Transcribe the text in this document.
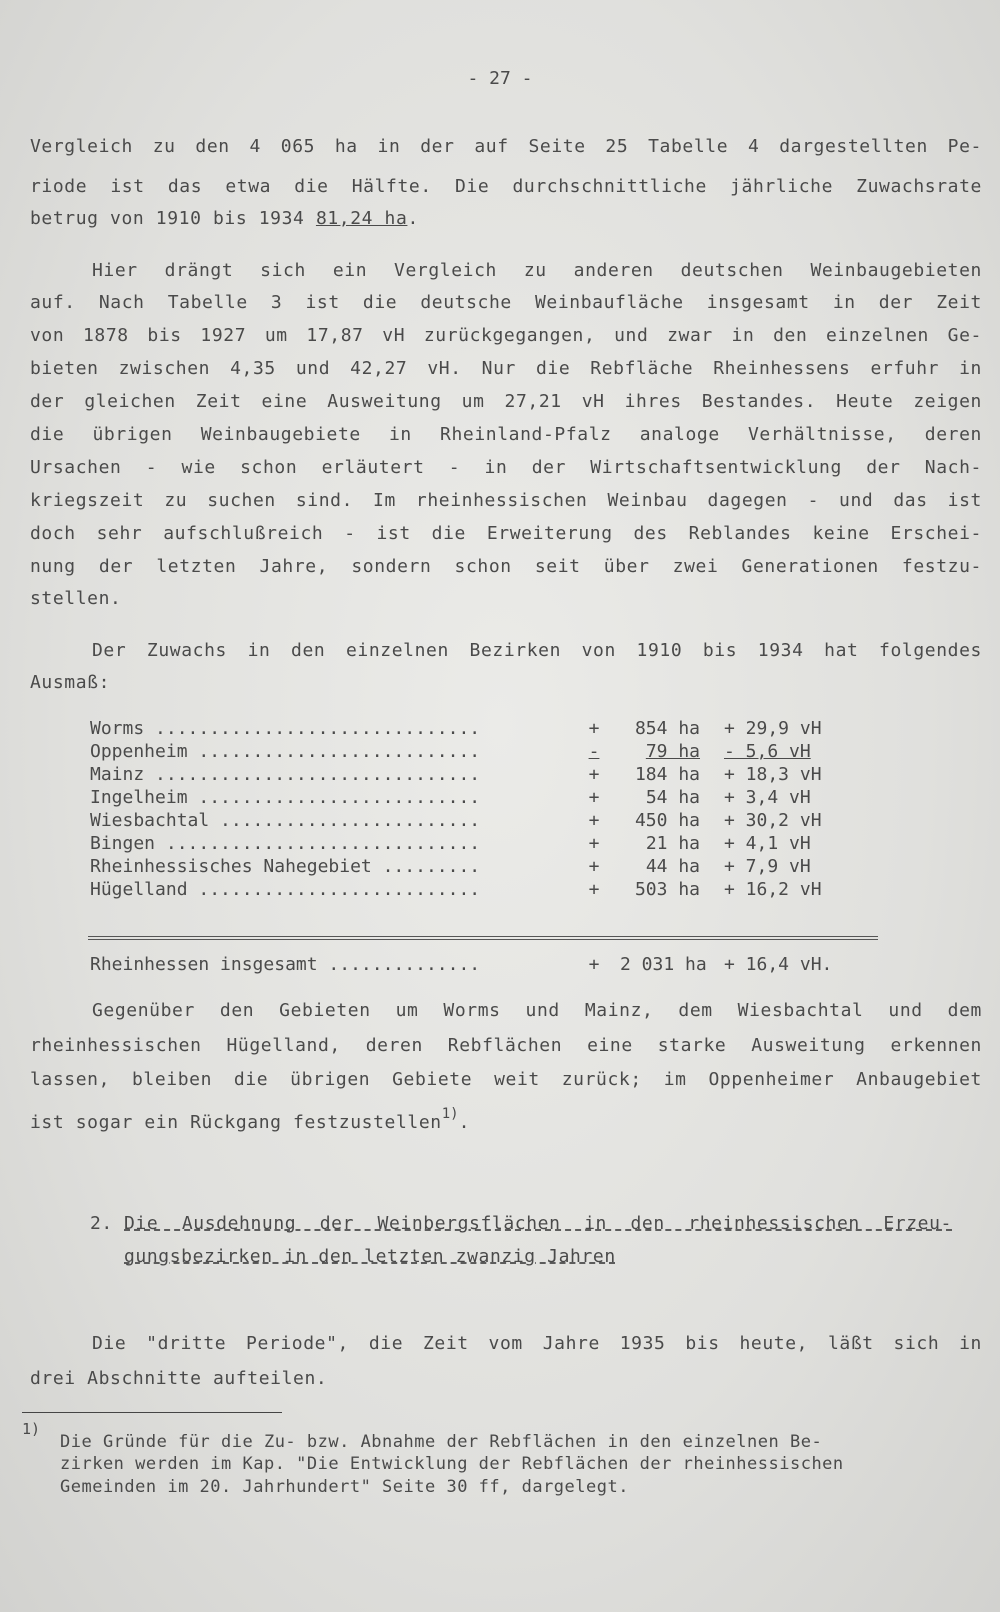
- 27 -
Vergleich zu den 4 065 ha in der auf Seite 25 Tabelle 4 dargestellten Pe-
riode ist das etwa die Hälfte. Die durchschnittliche jährliche Zuwachsrate
betrug von 1910 bis 1934 81,24 ha.
Hier drängt sich ein Vergleich zu anderen deutschen Weinbaugebieten
auf. Nach Tabelle 3 ist die deutsche Weinbaufläche insgesamt in der Zeit
von 1878 bis 1927 um 17,87 vH zurückgegangen, und zwar in den einzelnen Ge-
bieten zwischen 4,35 und 42,27 vH. Nur die Rebfläche Rheinhessens erfuhr in
der gleichen Zeit eine Ausweitung um 27,21 vH ihres Bestandes. Heute zeigen
die übrigen Weinbaugebiete in Rheinland-Pfalz analoge Verhältnisse, deren
Ursachen - wie schon erläutert - in der Wirtschaftsentwicklung der Nach-
kriegszeit zu suchen sind. Im rheinhessischen Weinbau dagegen - und das ist
doch sehr aufschlußreich - ist die Erweiterung des Reblandes keine Erschei-
nung der letzten Jahre, sondern schon seit über zwei Generationen festzu-
stellen.
Der Zuwachs in den einzelnen Bezirken von 1910 bis 1934 hat folgendes
Ausmaß:
Worms ..............................	+	854 ha + 29,9 vH
Oppenheim ..........................	-	79 ha - 5,6 vH
Mainz ..............................	+	184 ha + 18,3 vH
Ingelheim ..........................	+	54 ha + 3,4 vH
Wiesbachtal ........................	+	450 ha + 30,2 vH
Bingen .............................	+	21 ha + 4,1 vH
Rheinhessisches Nahegebiet .........	+	44 ha + 7,9 vH
Hügelland ..........................	+	503 ha + 16,2 vH
Rheinhessen insgesamt ..............	+ 2 031 ha + 16,4 vH.
Gegenüber den Gebieten um Worms und Mainz, dem Wiesbachtal und dem
rheinhessischen Hügelland, deren Rebflächen eine starke Ausweitung erkennen
lassen, bleiben die übrigen Gebiete weit zurück; im Oppenheimer Anbaugebiet
ist sogar ein Rückgang festzustellen$^{1)}$.
2. Die Ausdehnung der Weinbergsflächen in den rheinhessischen Erzeu-
gungsbezirken in den letzten zwanzig Jahren
Die "dritte Periode", die Zeit vom Jahre 1935 bis heute, läßt sich in
drei Abschnitte aufteilen.
1)
Die Gründe für die Zu- bzw. Abnahme der Rebflächen in den einzelnen Be-
zirken werden im Kap. "Die Entwicklung der Rebflächen der rheinhessischen
Gemeinden im 20. Jahrhundert" Seite 30 ff, dargelegt.
